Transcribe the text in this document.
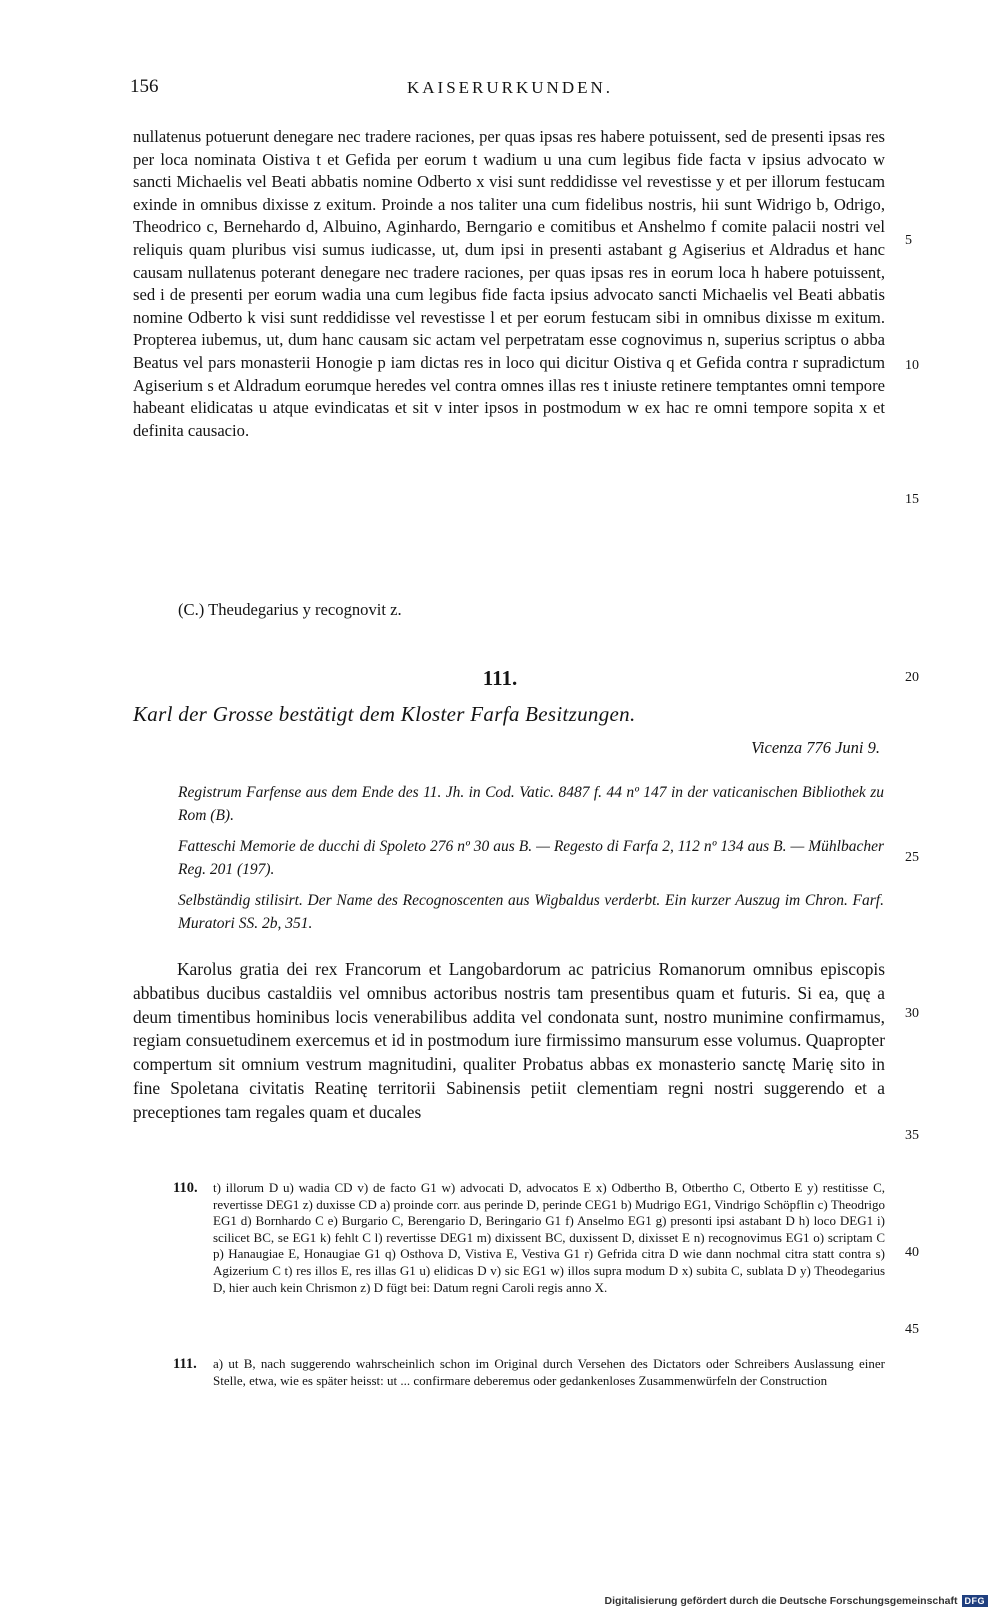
156	KAISERURKUNDEN.

nullatenus potuerunt denegare nec tradere raciones, per quas ipsas res habere potuissent, sed de presenti ipsas res per loca nominata Oistiva t et Gefida per eorum t wadium u una cum legibus fide facta v ipsius advocato w sancti Michaelis vel Beati abbatis nomine Odberto x visi sunt reddidisse vel revestisse y et per illorum festucam exinde in omnibus dixisse z exitum. Proinde a nos taliter una cum fidelibus nostris, hii sunt Widrigo b, Odrigo, Theodrico c, Bernehardo d, Albuino, Aginhardo, Berngario e comitibus et Anshelmo f comite palacii nostri vel reliquis quam pluribus visi sumus iudicasse, ut, dum ipsi in presenti astabant g Agiserius et Aldradus et hanc causam nullatenus poterant denegare nec tradere raciones, per quas ipsas res in eorum loca h habere potuissent, sed i de presenti per eorum wadia una cum legibus fide facta ipsius advocato sancti Michaelis vel Beati abbatis nomine Odberto k visi sunt reddidisse vel revestisse l et per eorum festucam sibi in omnibus dixisse m exitum. Propterea iubemus, ut, dum hanc causam sic actam vel perpetratam esse cognovimus n, superius scriptus o abba Beatus vel pars monasterii Honogie p iam dictas res in loco qui dicitur Oistiva q et Gefida contra r supradictum Agiserium s et Aldradum eorumque heredes vel contra omnes illas res t iniuste retinere temptantes omni tempore habeant elidicatas u atque evindicatas et sit v inter ipsos in postmodum w ex hac re omni tempore sopita x et definita causacio.

(C.) Theudegarius y recognovit z.
111.
Karl der Grosse bestätigt dem Kloster Farfa Besitzungen.
Vicenza 776 Juni 9.
Registrum Farfense aus dem Ende des 11. Jh. in Cod. Vatic. 8487 f. 44 nº 147 in der vaticanischen Bibliothek zu Rom (B).
Fatteschi Memorie de ducchi di Spoleto 276 nº 30 aus B. — Regesto di Farfa 2, 112 nº 134 aus B. — Mühlbacher Reg. 201 (197).
Selbständig stilisirt. Der Name des Recognoscenten aus Wigbaldus verderbt. Ein kurzer Auszug im Chron. Farf. Muratori SS. 2b, 351.

Karolus gratia dei rex Francorum et Langobardorum ac patricius Romanorum omnibus episcopis abbatibus ducibus castaldiis vel omnibus actoribus nostris tam presentibus quam et futuris. Si ea, quę a deum timentibus hominibus locis venerabilibus addita vel condonata sunt, nostro munimine confirmamus, regiam consuetudinem exercemus et id in postmodum iure firmissimo mansurum esse volumus. Quapropter compertum sit omnium vestrum magnitudini, qualiter Probatus abbas ex monasterio sanctę Marię sito in fine Spoletana civitatis Reatinę territorii Sabinensis petiit clementiam regni nostri suggerendo et a preceptiones tam regales quam et ducales

5
10
15
20
25
30
35
40
45
110. t) illorum D u) wadia CD v) de facto G1 w) advocati D, advocatos E x) Odbertho B, Otbertho C, Otberto E y) restitisse C, revertisse DEG1 z) duxisse CD a) proinde corr. aus perinde D, perinde CEG1 b) Mudrigo EG1, Vindrigo Schöpflin c) Theodrigo EG1 d) Bornhardo C e) Burgario C, Berengario D, Beringario G1 f) Anselmo EG1 g) presonti ipsi astabant D h) loco DEG1 i) scilicet BC, se EG1 k) fehlt C l) revertisse DEG1 m) dixissent BC, duxissent D, dixisset E n) recognovimus EG1 o) scriptam C p) Hanaugiae E, Honaugiae G1 q) Osthova D, Vistiva E, Vestiva G1 r) Gefrida citra D wie dann nochmal citra statt contra s) Agizerium C t) res illos E, res illas G1 u) elidicas D v) sic EG1 w) illos supra modum D x) subita C, sublata D y) Theodegarius D, hier auch kein Chrismon z) D fügt bei: Datum regni Caroli regis anno X.
111. a) ut B, nach suggerendo wahrscheinlich schon im Original durch Versehen des Dictators oder Schreibers Auslassung einer Stelle, etwa, wie es später heisst: ut ... confirmare deberemus oder gedankenloses Zusammenwürfeln der Construction
Digitalisierung gefördert durch die Deutsche Forschungsgemeinschaft DFG
